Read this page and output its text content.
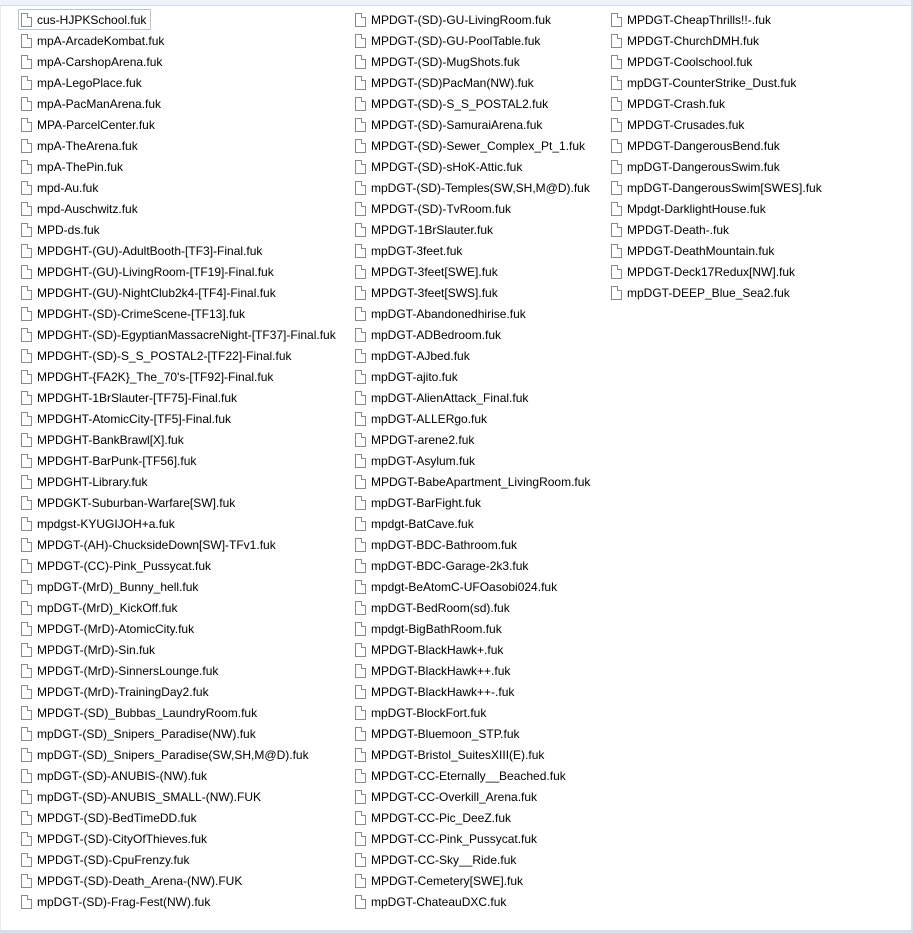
cus-HJPKSchool.fuk
mpA-ArcadeKombat.fuk
mpA-CarshopArena.fuk
mpA-LegoPlace.fuk
mpA-PacManArena.fuk
MPA-ParcelCenter.fuk
mpA-TheArena.fuk
mpA-ThePin.fuk
mpd-Au.fuk
mpd-Auschwitz.fuk
MPD-ds.fuk
MPDGHT-(GU)-AdultBooth-[TF3]-Final.fuk
MPDGHT-(GU)-LivingRoom-[TF19]-Final.fuk
MPDGHT-(GU)-NightClub2k4-[TF4]-Final.fuk
MPDGHT-(SD)-CrimeScene-[TF13].fuk
MPDGHT-(SD)-EgyptianMassacreNight-[TF37]-Final.fuk
MPDGHT-(SD)-S_S_POSTAL2-[TF22]-Final.fuk
MPDGHT-{FA2K}_The_70's-[TF92]-Final.fuk
MPDGHT-1BrSlauter-[TF75]-Final.fuk
MPDGHT-AtomicCity-[TF5]-Final.fuk
MPDGHT-BankBrawl[X].fuk
MPDGHT-BarPunk-[TF56].fuk
MPDGHT-Library.fuk
MPDGKT-Suburban-Warfare[SW].fuk
mpdgst-KYUGIJOH+a.fuk
MPDGT-(AH)-ChucksideDown[SW]-TFv1.fuk
MPDGT-(CC)-Pink_Pussycat.fuk
mpDGT-(MrD)_Bunny_hell.fuk
mpDGT-(MrD)_KickOff.fuk
MPDGT-(MrD)-AtomicCity.fuk
MPDGT-(MrD)-Sin.fuk
MPDGT-(MrD)-SinnersLounge.fuk
MPDGT-(MrD)-TrainingDay2.fuk
MPDGT-(SD)_Bubbas_LaundryRoom.fuk
mpDGT-(SD)_Snipers_Paradise(NW).fuk
mpDGT-(SD)_Snipers_Paradise(SW,SH,M@D).fuk
mpDGT-(SD)-ANUBIS-(NW).fuk
mpDGT-(SD)-ANUBIS_SMALL-(NW).FUK
MPDGT-(SD)-BedTimeDD.fuk
MPDGT-(SD)-CityOfThieves.fuk
MPDGT-(SD)-CpuFrenzy.fuk
MPDGT-(SD)-Death_Arena-(NW).FUK
mpDGT-(SD)-Frag-Fest(NW).fuk
MPDGT-(SD)-GU-LivingRoom.fuk
MPDGT-(SD)-GU-PoolTable.fuk
MPDGT-(SD)-MugShots.fuk
MPDGT-(SD)PacMan(NW).fuk
MPDGT-(SD)-S_S_POSTAL2.fuk
MPDGT-(SD)-SamuraiArena.fuk
MPDGT-(SD)-Sewer_Complex_Pt_1.fuk
MPDGT-(SD)-sHoK-Attic.fuk
mpDGT-(SD)-Temples(SW,SH,M@D).fuk
MPDGT-(SD)-TvRoom.fuk
MPDGT-1BrSlauter.fuk
mpDGT-3feet.fuk
MPDGT-3feet[SWE].fuk
MPDGT-3feet[SWS].fuk
mpDGT-Abandonedhirise.fuk
mpDGT-ADBedroom.fuk
mpDGT-AJbed.fuk
mpDGT-ajito.fuk
mpDGT-AlienAttack_Final.fuk
mpDGT-ALLERgo.fuk
MPDGT-arene2.fuk
mpDGT-Asylum.fuk
MPDGT-BabeApartment_LivingRoom.fuk
mpDGT-BarFight.fuk
mpdgt-BatCave.fuk
mpDGT-BDC-Bathroom.fuk
mpDGT-BDC-Garage-2k3.fuk
mpdgt-BeAtomC-UFOasobi024.fuk
mpDGT-BedRoom(sd).fuk
mpdgt-BigBathRoom.fuk
MPDGT-BlackHawk+.fuk
MPDGT-BlackHawk++.fuk
MPDGT-BlackHawk++-.fuk
mpDGT-BlockFort.fuk
MPDGT-Bluemoon_STP.fuk
MPDGT-Bristol_SuitesXIII(E).fuk
MPDGT-CC-Eternally__Beached.fuk
MPDGT-CC-Overkill_Arena.fuk
MPDGT-CC-Pic_DeeZ.fuk
MPDGT-CC-Pink_Pussycat.fuk
MPDGT-CC-Sky__Ride.fuk
MPDGT-Cemetery[SWE].fuk
mpDGT-ChateauDXC.fuk
MPDGT-CheapThrills!!-.fuk
MPDGT-ChurchDMH.fuk
MPDGT-Coolschool.fuk
mpDGT-CounterStrike_Dust.fuk
MPDGT-Crash.fuk
MPDGT-Crusades.fuk
MPDGT-DangerousBend.fuk
mpDGT-DangerousSwim.fuk
mpDGT-DangerousSwim[SWES].fuk
Mpdgt-DarklightHouse.fuk
MPDGT-Death-.fuk
MPDGT-DeathMountain.fuk
MPDGT-Deck17Redux[NW].fuk
mpDGT-DEEP_Blue_Sea2.fuk
